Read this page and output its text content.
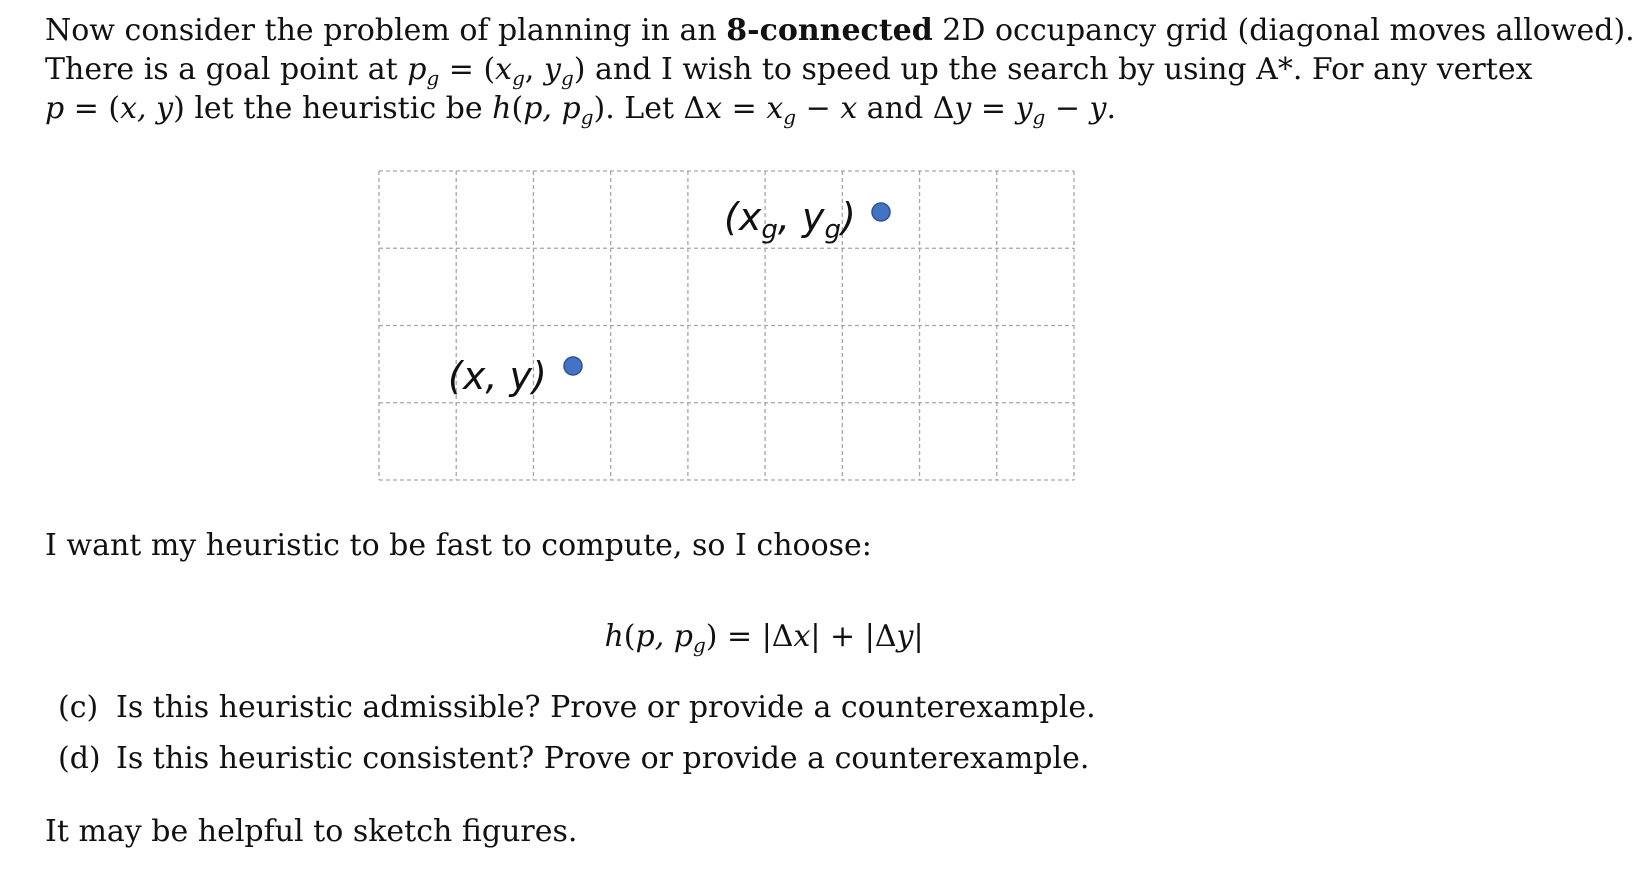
Now consider the problem of planning in an 8-connected 2D occupancy grid (diagonal moves allowed).
There is a goal point at $p_g = (x_g$, $y_g$) and I wish to speed up the search by using A*. For any vertex
p = (x, y) let the heuristic be h(p, $p_g$). Let $\Delta x = x_g - x$ and $\Delta y = y_g - y$.
($x_g$, $y_g$)
(x, y)
I want my heuristic to be fast to compute, so I choose:
h(p, $p_g) = |\Delta x| + |\Delta y|$
(c) Is this heuristic admissible? Prove or provide a counterexample.
(d) Is this heuristic consistent? Prove or provide a counterexample.
It may be helpful to sketch figures.
